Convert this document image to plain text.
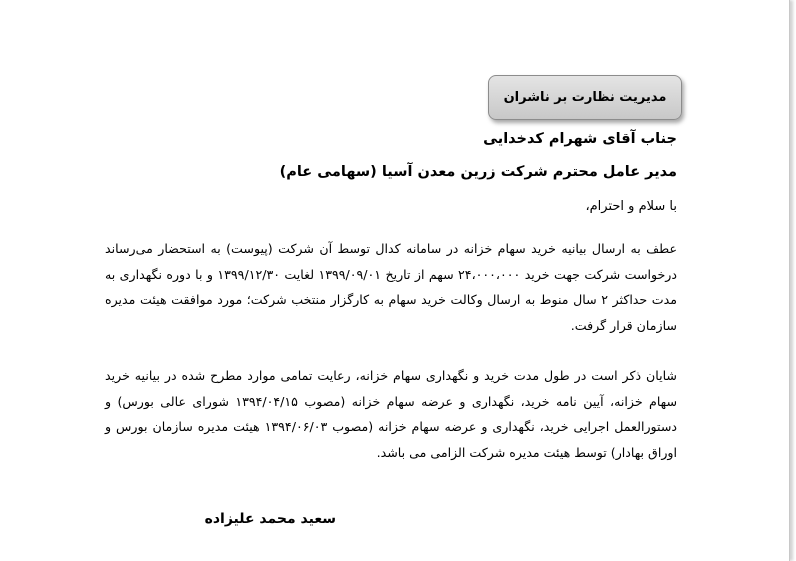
مدیریت نظارت بر ناشران

جناب آقای شهرام کدخدایی

مدیر عامل محترم شرکت زرین معدن آسیا (سهامی عام)

با سلام و احترام،

عطف به ارسال بیانیه خرید سهام خزانه در سامانه کدال توسط آن شرکت (پیوست) به استحضار می‌رساند درخواست شرکت جهت خرید ۲۴،۰۰۰،۰۰۰ سهم از تاریخ ۱۳۹۹/۰۹/۰۱ لغایت ۱۳۹۹/۱۲/۳۰ و با دوره نگهداری به مدت حداکثر ۲ سال منوط به ارسال وکالت خرید سهام به کارگزار منتخب شرکت؛ مورد موافقت هیئت مدیره سازمان قرار گرفت.

شایان ذکر است در طول مدت خرید و نگهداری سهام خزانه، رعایت تمامی موارد مطرح شده در بیانیه خرید سهام خزانه، آیین نامه خرید، نگهداری و عرضه سهام خزانه (مصوب ۱۳۹۴/۰۴/۱۵ شورای عالی بورس) و دستورالعمل اجرایی خرید، نگهداری و عرضه سهام خزانه (مصوب ۱۳۹۴/۰۶/۰۳ هیئت مدیره سازمان بورس و اوراق بهادار) توسط هیئت مدیره شرکت الزامی می باشد.

سعید محمد علیزاده
